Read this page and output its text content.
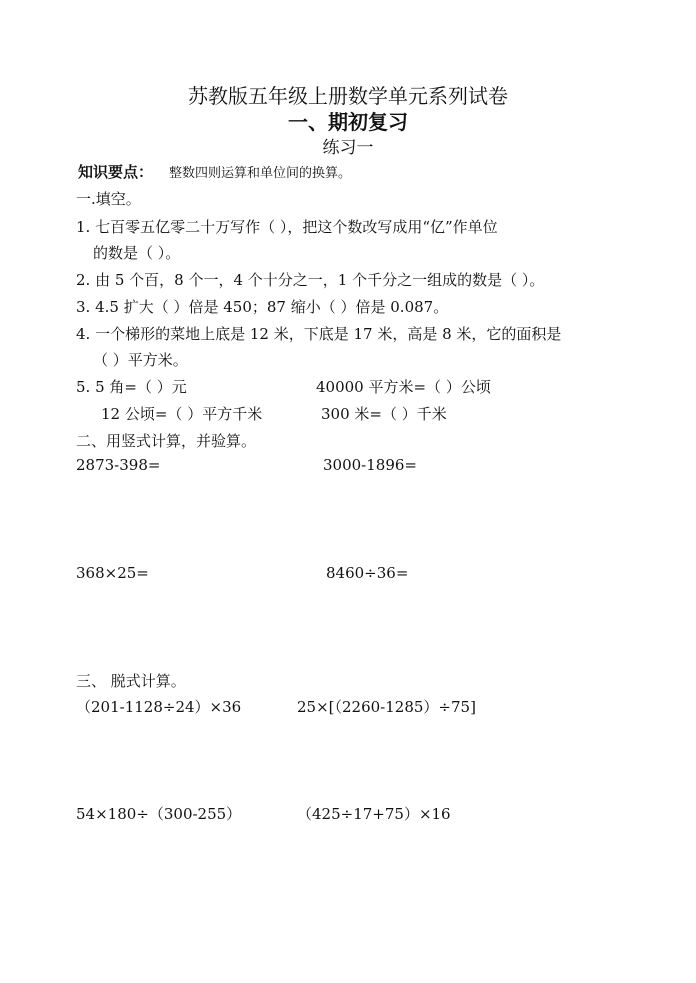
苏教版五年级上册数学单元系列试卷
一、期初复习
练习一
知识要点： 整数四则运算和单位间的换算。
一.填空。
1. 七百零五亿零二十万写作（ ），把这个数改写成用“亿”作单位
的数是（ ）。
2. 由 5 个百，8 个一，4 个十分之一，1 个千分之一组成的数是（ ）。
3. 4.5 扩大（ ）倍是 450；87 缩小（ ）倍是 0.087。
4. 一个梯形的菜地上底是 12 米，下底是 17 米，高是 8 米，它的面积是
（ ）平方米。
5. 5 角=（ ）元	40000 平方米=（ ）公顷
12 公顷=（ ）平方千米	300 米=（ ）千米
二、用竖式计算，并验算。
2873-398=	3000-1896=
368×25=	8460÷36=
三、 脱式计算。
（201-1128÷24）×36	25×[（2260-1285）÷75]
54×180÷（300-255）	（425÷17+75）×16
